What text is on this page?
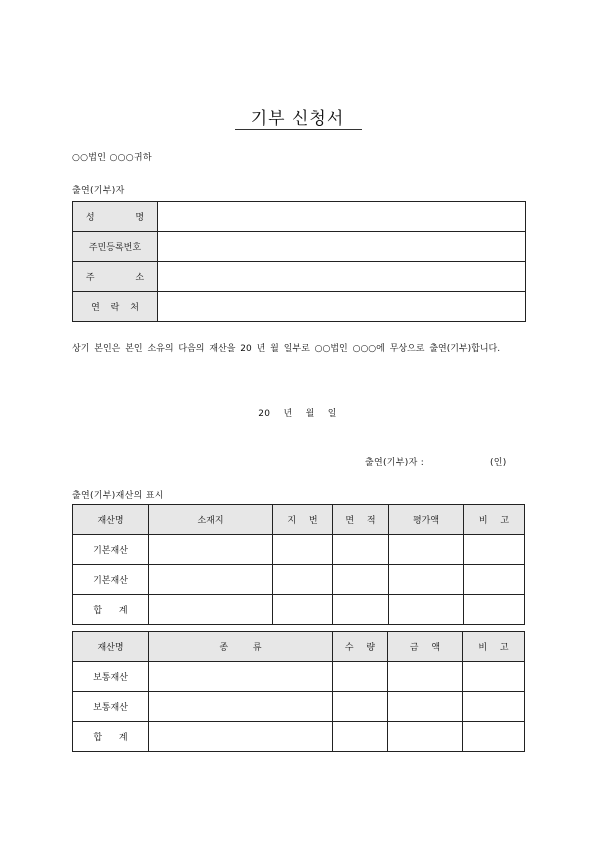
기부 신청서
○○법인 ○○○귀하
출연(기부)자
성 명	
주민등록번호	
주 소	
연 락 처	
상기 본인은 본인 소유의 다음의 재산을 20 년 월 일부로 ○○법인 ○○○에 무상으로 출연(기부)합니다.
20 년 월 일
출연(기부)자 :	(인)
출연(기부)재산의 표시
재산명	소재지	지 번	면 적	평가액	비 고
기본재산					
기본재산					
합 계					
재산명	종 류	수 량	금 액	비 고
보통재산				
보통재산				
합 계				
